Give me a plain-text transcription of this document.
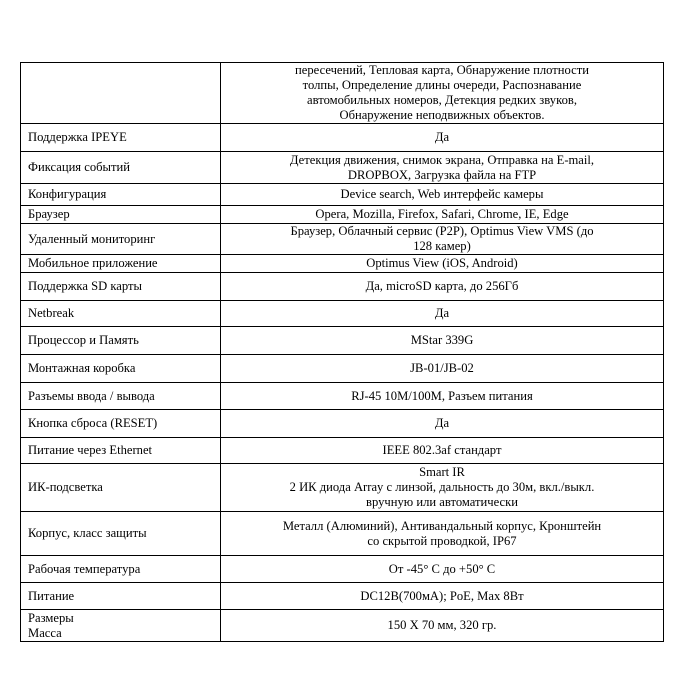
	пересечений, Тепловая карта, Обнаружение плотности
толпы, Определение длины очереди, Распознавание
автомобильных номеров, Детекция редких звуков,
Обнаружение неподвижных объектов.

Поддержка IPEYE	Да

Фиксация событий	Детекция движения, снимок экрана, Отправка на E-mail,
DROPBOX, Загрузка файла на FTP

Конфигурация	Device search, Web интерфейс камеры

Браузер	Opera, Mozilla, Firefox, Safari, Chrome, IE, Edge

Удаленный мониторинг	Браузер, Облачный сервис (P2P), Optimus View VMS (до
128 камер)

Мобильное приложение	Optimus View (iOS, Android)

Поддержка SD карты	Да, microSD карта, до 256Гб

Netbreak	Да

Процессор и Память	MStar 339G

Монтажная коробка	JB-01/JB-02

Разъемы ввода / вывода	RJ-45 10M/100M, Разъем питания

Кнопка сброса (RESET)	Да

Питание через Ethernet	IEEE 802.3af стандарт

ИК-подсветка	Smart IR
2 ИК диода Array с линзой, дальность до 30м, вкл./выкл.
вручную или автоматически

Корпус, класс защиты	Металл (Алюминий), Антивандальный корпус, Кронштейн
со скрытой проводкой, IP67

Рабочая температура	От -45° С до +50° С

Питание	DC12В(700мА); PoE, Max 8Вт

Размеры
Масса	150 X 70 мм, 320 гр.
